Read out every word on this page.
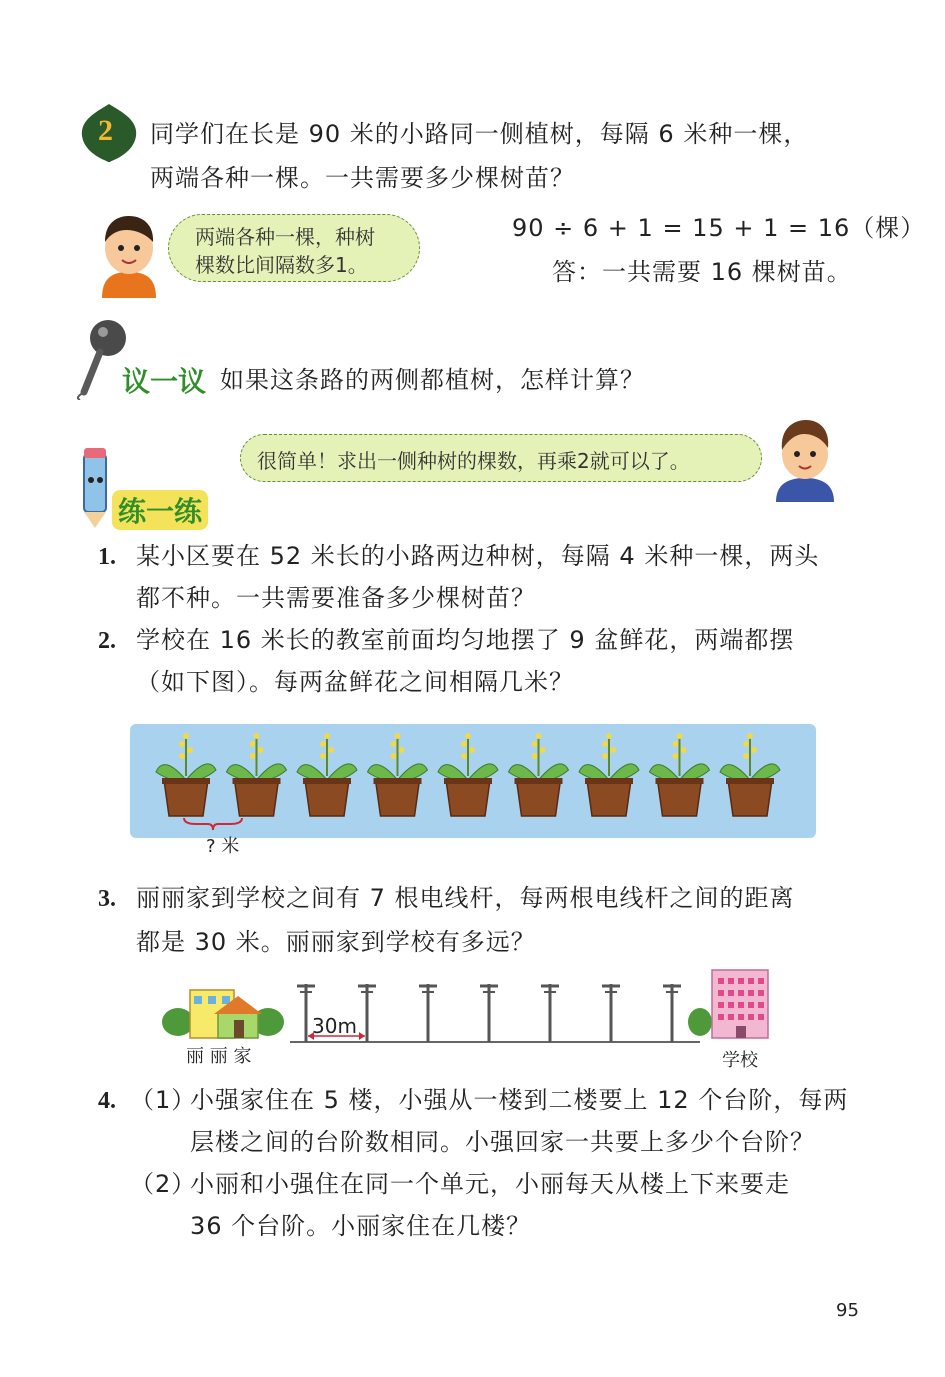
2 同学们在长是 90 米的小路同一侧植树，每隔 6 米种一棵，
两端各种一棵。一共需要多少棵树苗？
两端各种一棵，种树
棵数比间隔数多1。
90 ÷ 6 + 1 = 15 + 1 = 16（棵）
答：一共需要 16 棵树苗。
议一议 如果这条路的两侧都植树，怎样计算？
很简单！求出一侧种树的棵数，再乘2就可以了。
练一练
1. 某小区要在 52 米长的小路两边种树，每隔 4 米种一棵，两头
都不种。一共需要准备多少棵树苗？
2. 学校在 16 米长的教室前面均匀地摆了 9 盆鲜花，两端都摆
（如下图）。每两盆鲜花之间相隔几米？
? 米
3. 丽丽家到学校之间有 7 根电线杆，每两根电线杆之间的距离
都是 30 米。丽丽家到学校有多远？
丽 丽 家
30m
学校
4. （1）
小强家住在 5 楼，小强从一楼到二楼要上 12 个台阶，每两
层楼之间的台阶数相同。小强回家一共要上多少个台阶？
（2）
小丽和小强住在同一个单元，小丽每天从楼上下来要走
36 个台阶。小丽家住在几楼？
95
